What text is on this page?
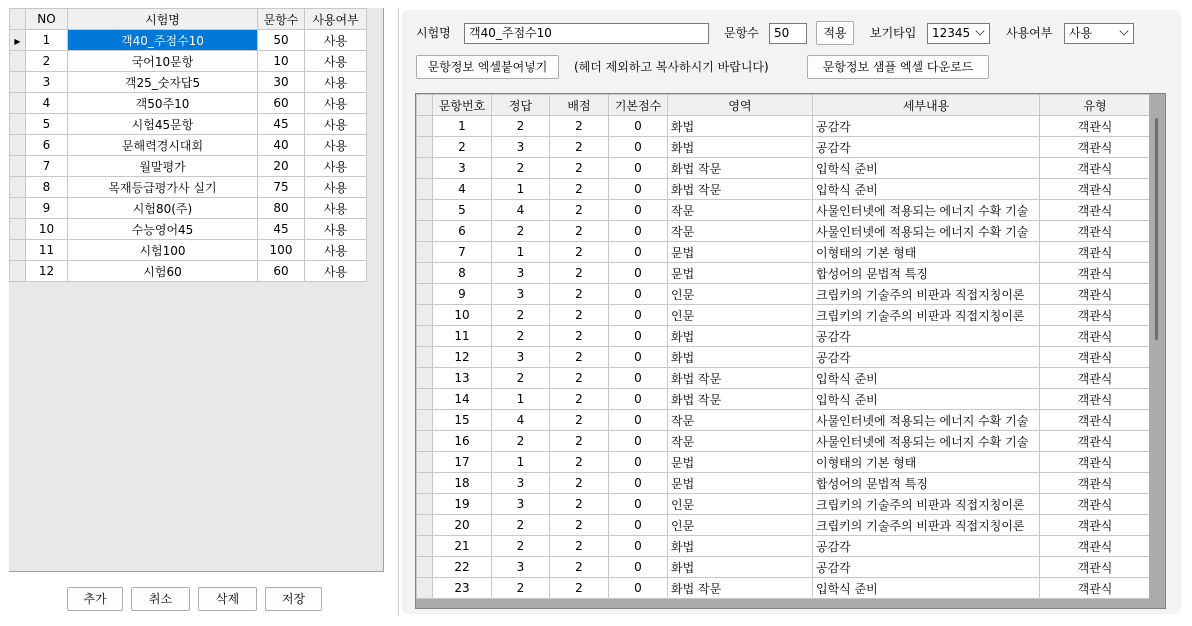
	NO	시험명	문항수	사용여부
▶	1	객40_주점수10	50	사용
	2	국어10문항	10	사용
	3	객25_숫자답5	30	사용
	4	객50주10	60	사용
	5	시험45문항	45	사용
	6	문해력경시대회	40	사용
	7	월말평가	20	사용
	8	목재등급평가사 실기	75	사용
	9	시험80(주)	80	사용
	10	수능영어45	45	사용
	11	시험100	100	사용
	12	시험60	60	사용
추가	취소	삭제	저장
시험명	객40_주점수10	문항수	50	적용	보기타입	12345	사용여부	사용
문항정보 엑셀붙여넣기	(헤더 제외하고 복사하시기 바랍니다)	문항정보 샘플 엑셀 다운로드
	문항번호	정답	배점	기본점수	영역	세부내용	유형
	1	2	2	0	화법	공감각	객관식
	2	3	2	0	화법	공감각	객관식
	3	2	2	0	화법 작문	입학식 준비	객관식
	4	1	2	0	화법 작문	입학식 준비	객관식
	5	4	2	0	작문	사물인터넷에 적용되는 에너지 수확 기술	객관식
	6	2	2	0	작문	사물인터넷에 적용되는 에너지 수확 기술	객관식
	7	1	2	0	문법	이형태의 기본 형태	객관식
	8	3	2	0	문법	합성어의 문법적 특징	객관식
	9	3	2	0	인문	크립키의 기술주의 비판과 직접지칭이론	객관식
	10	2	2	0	인문	크립키의 기술주의 비판과 직접지칭이론	객관식
	11	2	2	0	화법	공감각	객관식
	12	3	2	0	화법	공감각	객관식
	13	2	2	0	화법 작문	입학식 준비	객관식
	14	1	2	0	화법 작문	입학식 준비	객관식
	15	4	2	0	작문	사물인터넷에 적용되는 에너지 수확 기술	객관식
	16	2	2	0	작문	사물인터넷에 적용되는 에너지 수확 기술	객관식
	17	1	2	0	문법	이형태의 기본 형태	객관식
	18	3	2	0	문법	합성어의 문법적 특징	객관식
	19	3	2	0	인문	크립키의 기술주의 비판과 직접지칭이론	객관식
	20	2	2	0	인문	크립키의 기술주의 비판과 직접지칭이론	객관식
	21	2	2	0	화법	공감각	객관식
	22	3	2	0	화법	공감각	객관식
	23	2	2	0	화법 작문	입학식 준비	객관식
